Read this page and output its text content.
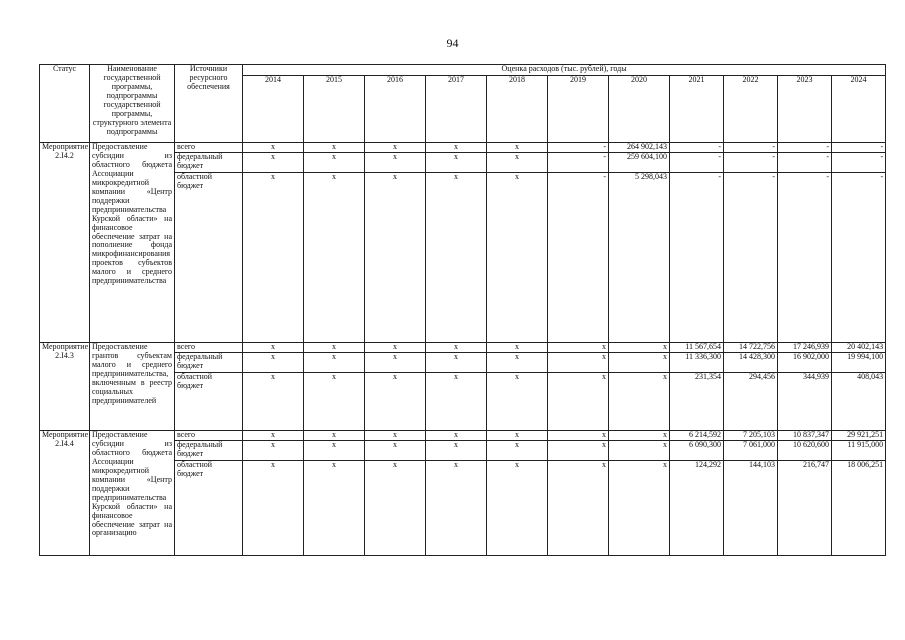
94
Статус	Наименование государственной программы, подпрограммы государственной программы, структурного элемента подпрограммы	Источники ресурсного обеспечения	Оценка расходов (тыс. рублей), годы										
			2014	2015	2016	2017	2018	2019	2020	2021	2022	2023	2024
Мероприятие 2.I4.2	Предоставление субсидии из областного бюджета Ассоциации микрокредитной компании «Центр поддержки предпринимательства Курской области» на финансовое обеспечение затрат на пополнение фонда микрофинансирования проектов субъектов малого и среднего предпринимательства	всего	х	х	х	х	х	-	264 902,143	-	-	-	-
		федеральный бюджет	х	х	х	х	х	-	259 604,100	-	-	-	-
		областной бюджет	х	х	х	х	х	-	5 298,043	-	-	-	-
Мероприятие 2.I4.3	Предоставление грантов субъектам малого и среднего предпринимательства, включенным в реестр социальных предпринимателей	всего	х	х	х	х	х	х	х	11 567,654	14 722,756	17 246,939	20 402,143
		федеральный бюджет	х	х	х	х	х	х	х	11 336,300	14 428,300	16 902,000	19 994,100
		областной бюджет	х	х	х	х	х	х	х	231,354	294,456	344,939	408,043
Мероприятие 2.I4.4	Предоставление субсидии из областного бюджета Ассоциации микрокредитной компании «Центр поддержки предпринимательства Курской области» на финансовое обеспечение затрат на организацию	всего	х	х	х	х	х	х	х	6 214,592	7 205,103	10 837,347	29 921,251
		федеральный бюджет	х	х	х	х	х	х	х	6 090,300	7 061,000	10 620,600	11 915,000
		областной бюджет	х	х	х	х	х	х	х	124,292	144,103	216,747	18 006,251
